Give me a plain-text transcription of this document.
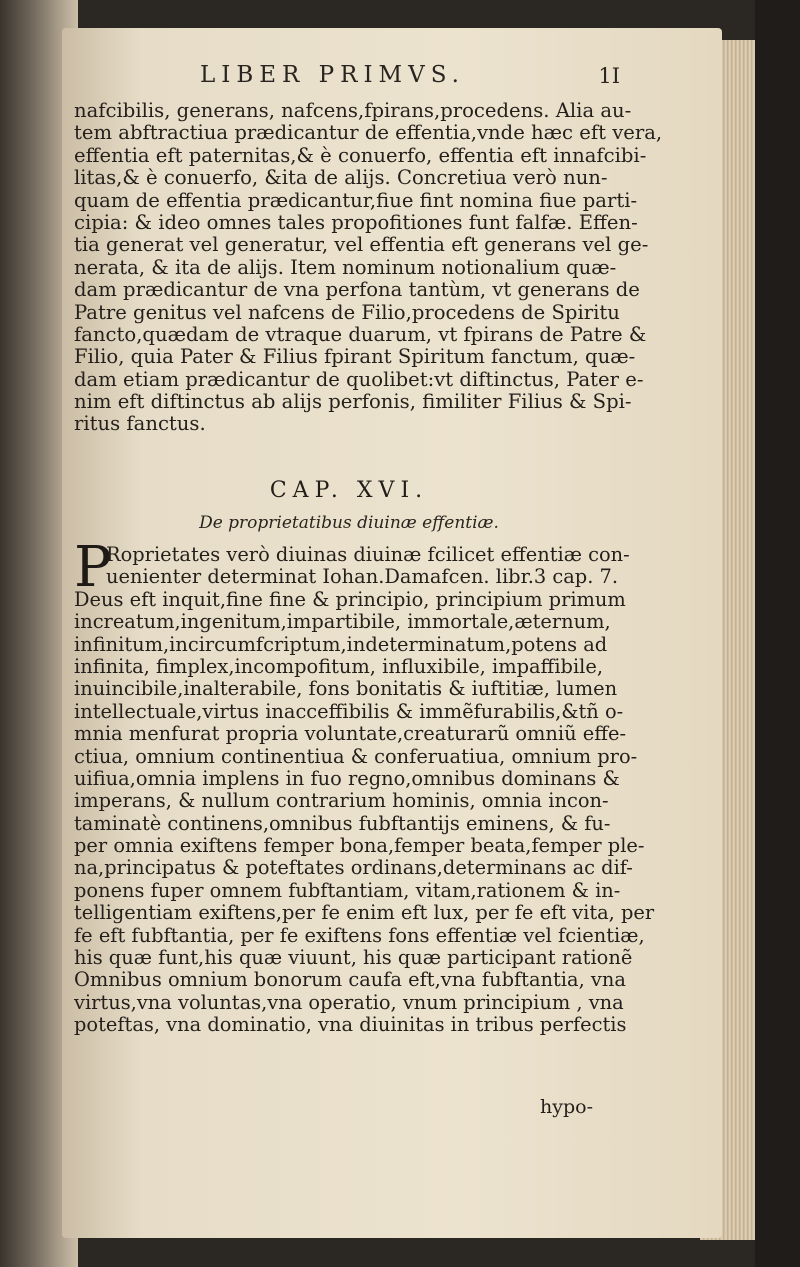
LIBER PRIMVS.	1I
nafcibilis, generans, nafcens,fpirans,procedens. Alia au-
tem abftractiua prædicantur de effentia,vnde hæc eft vera,
effentia eft paternitas,& è conuerfo, effentia eft innafcibi-
litas,& è conuerfo, &ita de alijs. Concretiua verò nun-
quam de effentia prædicantur,fiue fint nomina fiue parti-
cipia: & ideo omnes tales propofitiones funt falfæ. Effen-
tia generat vel generatur, vel effentia eft generans vel ge-
nerata, & ita de alijs. Item nominum notionalium quæ-
dam prædicantur de vna perfona tantùm, vt generans de
Patre genitus vel nafcens de Filio,procedens de Spiritu
fancto,quædam de vtraque duarum, vt fpirans de Patre &
Filio, quia Pater & Filius fpirant Spiritum fanctum, quæ-
dam etiam prædicantur de quolibet:vt diftinctus, Pater e-
nim eft diftinctus ab alijs perfonis, fimiliter Filius & Spi-
ritus fanctus.
CAP. XVI.
De proprietatibus diuinæ effentiæ.
P
Roprietates verò diuinas diuinæ fcilicet effentiæ con-
uenienter determinat Iohan.Damafcen. libr.3 cap. 7.
Deus eft inquit,fine fine & principio, principium primum
increatum,ingenitum,impartibile, immortale,æternum,
infinitum,incircumfcriptum,indeterminatum,potens ad
infinita, fimplex,incompofitum, influxibile, impaffibile,
inuincibile,inalterabile, fons bonitatis & iuftitiæ, lumen
intellectuale,virtus inacceffibilis & immẽfurabilis,&tñ o-
mnia menfurat propria voluntate,creaturarũ omniũ effe-
ctiua, omnium continentiua & conferuatiua, omnium pro-
uifiua,omnia implens in fuo regno,omnibus dominans &
imperans, & nullum contrarium hominis, omnia incon-
taminatè continens,omnibus fubftantijs eminens, & fu-
per omnia exiftens femper bona,femper beata,femper ple-
na,principatus & poteftates ordinans,determinans ac dif-
ponens fuper omnem fubftantiam, vitam,rationem & in-
telligentiam exiftens,per fe enim eft lux, per fe eft vita, per
fe eft fubftantia, per fe exiftens fons effentiæ vel fcientiæ,
his quæ funt,his quæ viuunt, his quæ participant rationẽ
Omnibus omnium bonorum caufa eft,vna fubftantia, vna
virtus,vna voluntas,vna operatio, vnum principium , vna
poteftas, vna dominatio, vna diuinitas in tribus perfectis
hypo-
